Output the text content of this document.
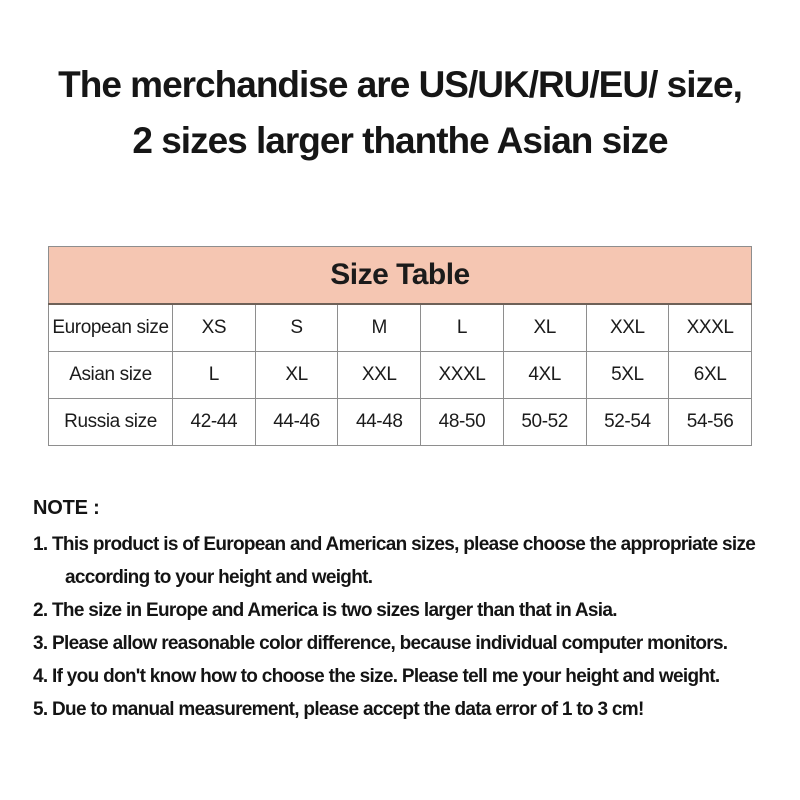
The merchandise are US/UK/RU/EU/ size,
2 sizes larger thanthe Asian size
Size Table							
European size	XS	S	M	L	XL	XXL	XXXL
Asian size	L	XL	XXL	XXXL	4XL	5XL	6XL
Russia size	42-44	44-46	44-48	48-50	50-52	52-54	54-56
NOTE :
1. This product is of European and American sizes, please choose the appropriate size according to your height and weight.
2. The size in Europe and America is two sizes larger than that in Asia.
3. Please allow reasonable color difference, because individual computer monitors.
4. If you don't know how to choose the size. Please tell me your height and weight.
5. Due to manual measurement, please accept the data error of 1 to 3 cm!
